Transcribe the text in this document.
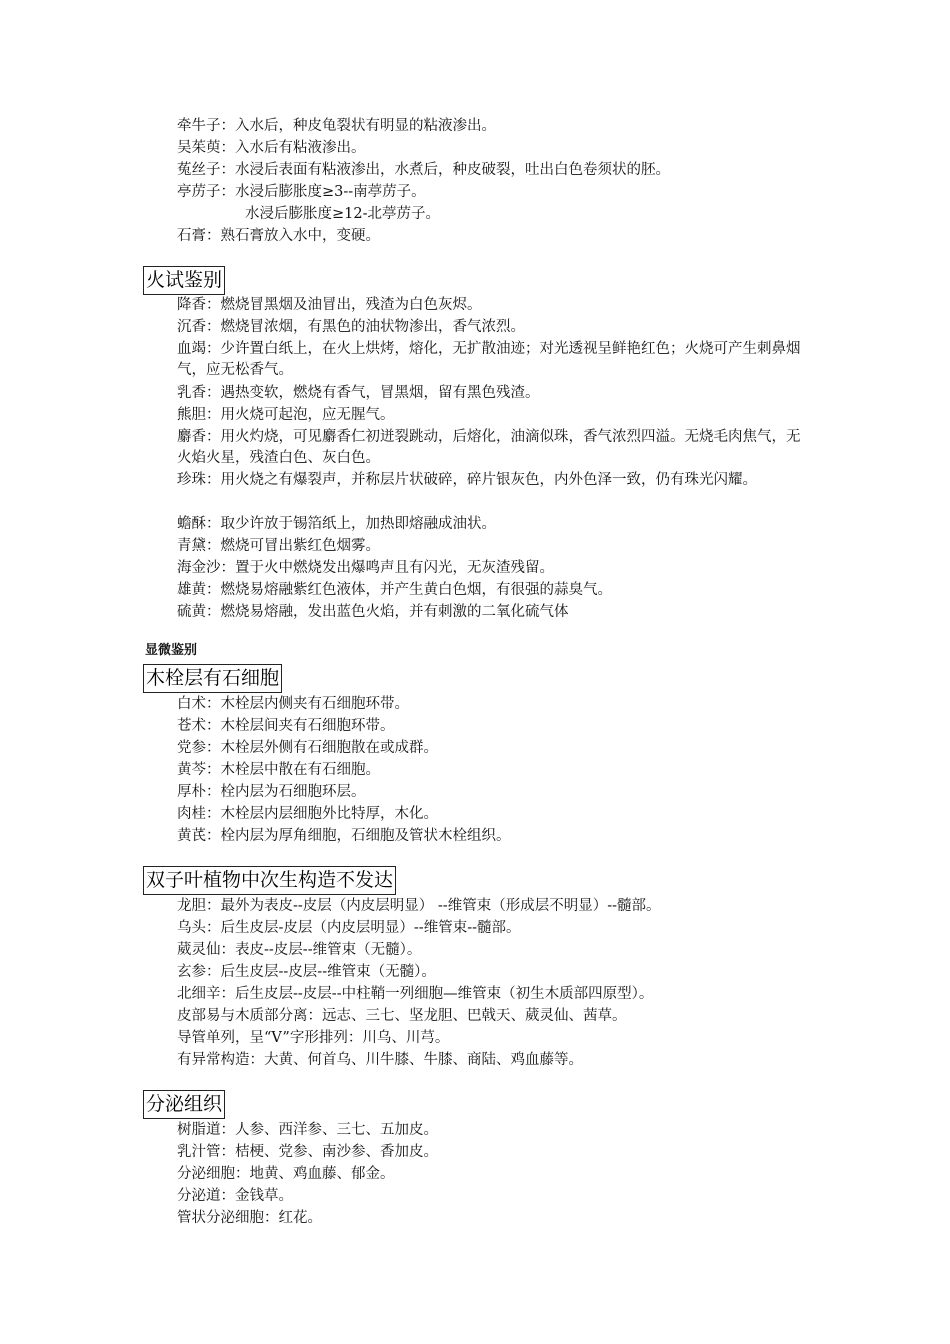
牵牛子：入水后，种皮龟裂状有明显的粘液渗出。
吴茱萸：入水后有粘液渗出。
菟丝子：水浸后表面有粘液渗出，水煮后，种皮破裂，吐出白色卷须状的胚。
亭苈子：水浸后膨胀度≥3--南葶苈子。
水浸后膨胀度≥12-北葶苈子。
石膏：熟石膏放入水中，变硬。
火试鉴别
降香：燃烧冒黑烟及油冒出，残渣为白色灰烬。
沉香：燃烧冒浓烟，有黑色的油状物渗出，香气浓烈。
血竭：少许置白纸上，在火上烘烤，熔化，无扩散油迹；对光透视呈鲜艳红色；火烧可产生刺鼻烟气，应无松香气。
乳香：遇热变软，燃烧有香气，冒黑烟，留有黑色残渣。
熊胆：用火烧可起泡，应无腥气。
麝香：用火灼烧，可见麝香仁初迸裂跳动，后熔化，油滴似珠，香气浓烈四溢。无烧毛肉焦气，无火焰火星，残渣白色、灰白色。
珍珠：用火烧之有爆裂声，并称层片状破碎，碎片银灰色，内外色泽一致，仍有珠光闪耀。
蟾酥：取少许放于锡箔纸上，加热即熔融成油状。
青黛：燃烧可冒出紫红色烟雾。
海金沙：置于火中燃烧发出爆鸣声且有闪光，无灰渣残留。
雄黄：燃烧易熔融紫红色液体，并产生黄白色烟，有很强的蒜臭气。
硫黄：燃烧易熔融，发出蓝色火焰，并有刺激的二氧化硫气体
显微鉴别
木栓层有石细胞
白术：木栓层内侧夹有石细胞环带。
苍术：木栓层间夹有石细胞环带。
党参：木栓层外侧有石细胞散在或成群。
黄芩：木栓层中散在有石细胞。
厚朴：栓内层为石细胞环层。
肉桂：木栓层内层细胞外比特厚，木化。
黄芪：栓内层为厚角细胞，石细胞及管状木栓组织。
双子叶植物中次生构造不发达
龙胆：最外为表皮--皮层（内皮层明显） --维管束（形成层不明显）--髓部。
乌头：后生皮层-皮层（内皮层明显）--维管束--髓部。
葳灵仙：表皮--皮层--维管束（无髓）。
玄参：后生皮层--皮层--维管束（无髓）。
北细辛：后生皮层--皮层--中柱鞘一列细胞—维管束（初生木质部四原型）。
皮部易与木质部分离：远志、三七、坚龙胆、巴戟天、葳灵仙、茜草。
导管单列，呈“V”字形排列：川乌、川芎。
有异常构造：大黄、何首乌、川牛膝、牛膝、商陆、鸡血藤等。
分泌组织
树脂道：人参、西洋参、三七、五加皮。
乳汁管：桔梗、党参、南沙参、香加皮。
分泌细胞：地黄、鸡血藤、郁金。
分泌道：金钱草。
管状分泌细胞：红花。
